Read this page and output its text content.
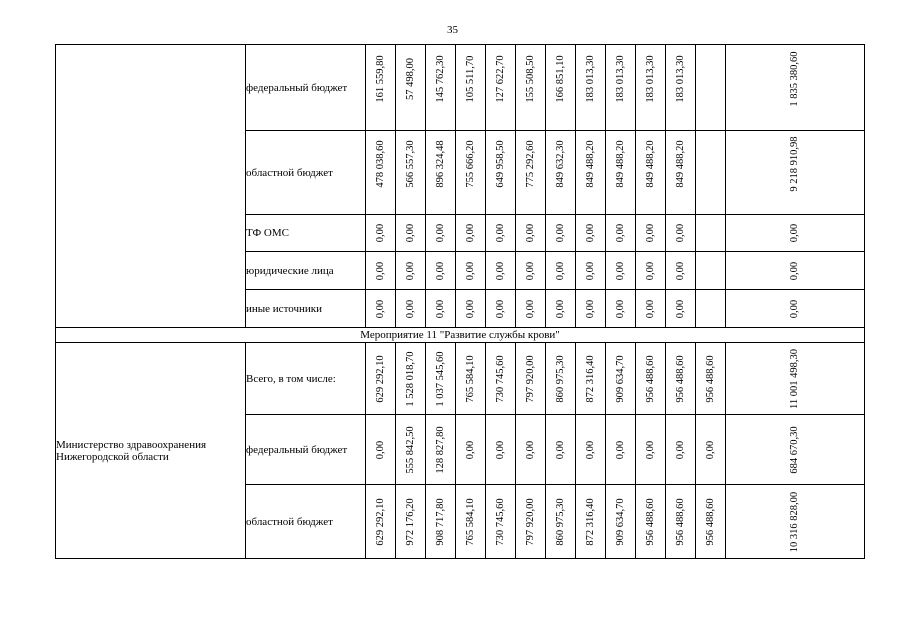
35
	федеральный бюджет	161 559,80	57 498,00	145 762,30	105 511,70	127 622,70	155 508,50	166 851,10	183 013,30	183 013,30	183 013,30	183 013,30		1 835 380,60

	областной бюджет	478 038,60	566 557,30	896 324,48	755 666,20	649 958,50	775 292,60	849 632,30	849 488,20	849 488,20	849 488,20	849 488,20		9 218 910,98

	ТФ ОМС	0,00	0,00	0,00	0,00	0,00	0,00	0,00	0,00	0,00	0,00	0,00		0,00

	юридические лица	0,00	0,00	0,00	0,00	0,00	0,00	0,00	0,00	0,00	0,00	0,00		0,00

	иные источники	0,00	0,00	0,00	0,00	0,00	0,00	0,00	0,00	0,00	0,00	0,00		0,00

Мероприятие 11 "Развитие службы крови"														
Министерство здравоохранения Нижегородской области	Всего, в том числе:	629 292,10	1 528 018,70	1 037 545,60	765 584,10	730 745,60	797 920,00	860 975,30	872 316,40	909 634,70	956 488,60	956 488,60	956 488,60	11 001 498,30

	федеральный бюджет	0,00	555 842,50	128 827,80	0,00	0,00	0,00	0,00	0,00	0,00	0,00	0,00	0,00	684 670,30

	областной бюджет	629 292,10	972 176,20	908 717,80	765 584,10	730 745,60	797 920,00	860 975,30	872 316,40	909 634,70	956 488,60	956 488,60	956 488,60	10 316 828,00
